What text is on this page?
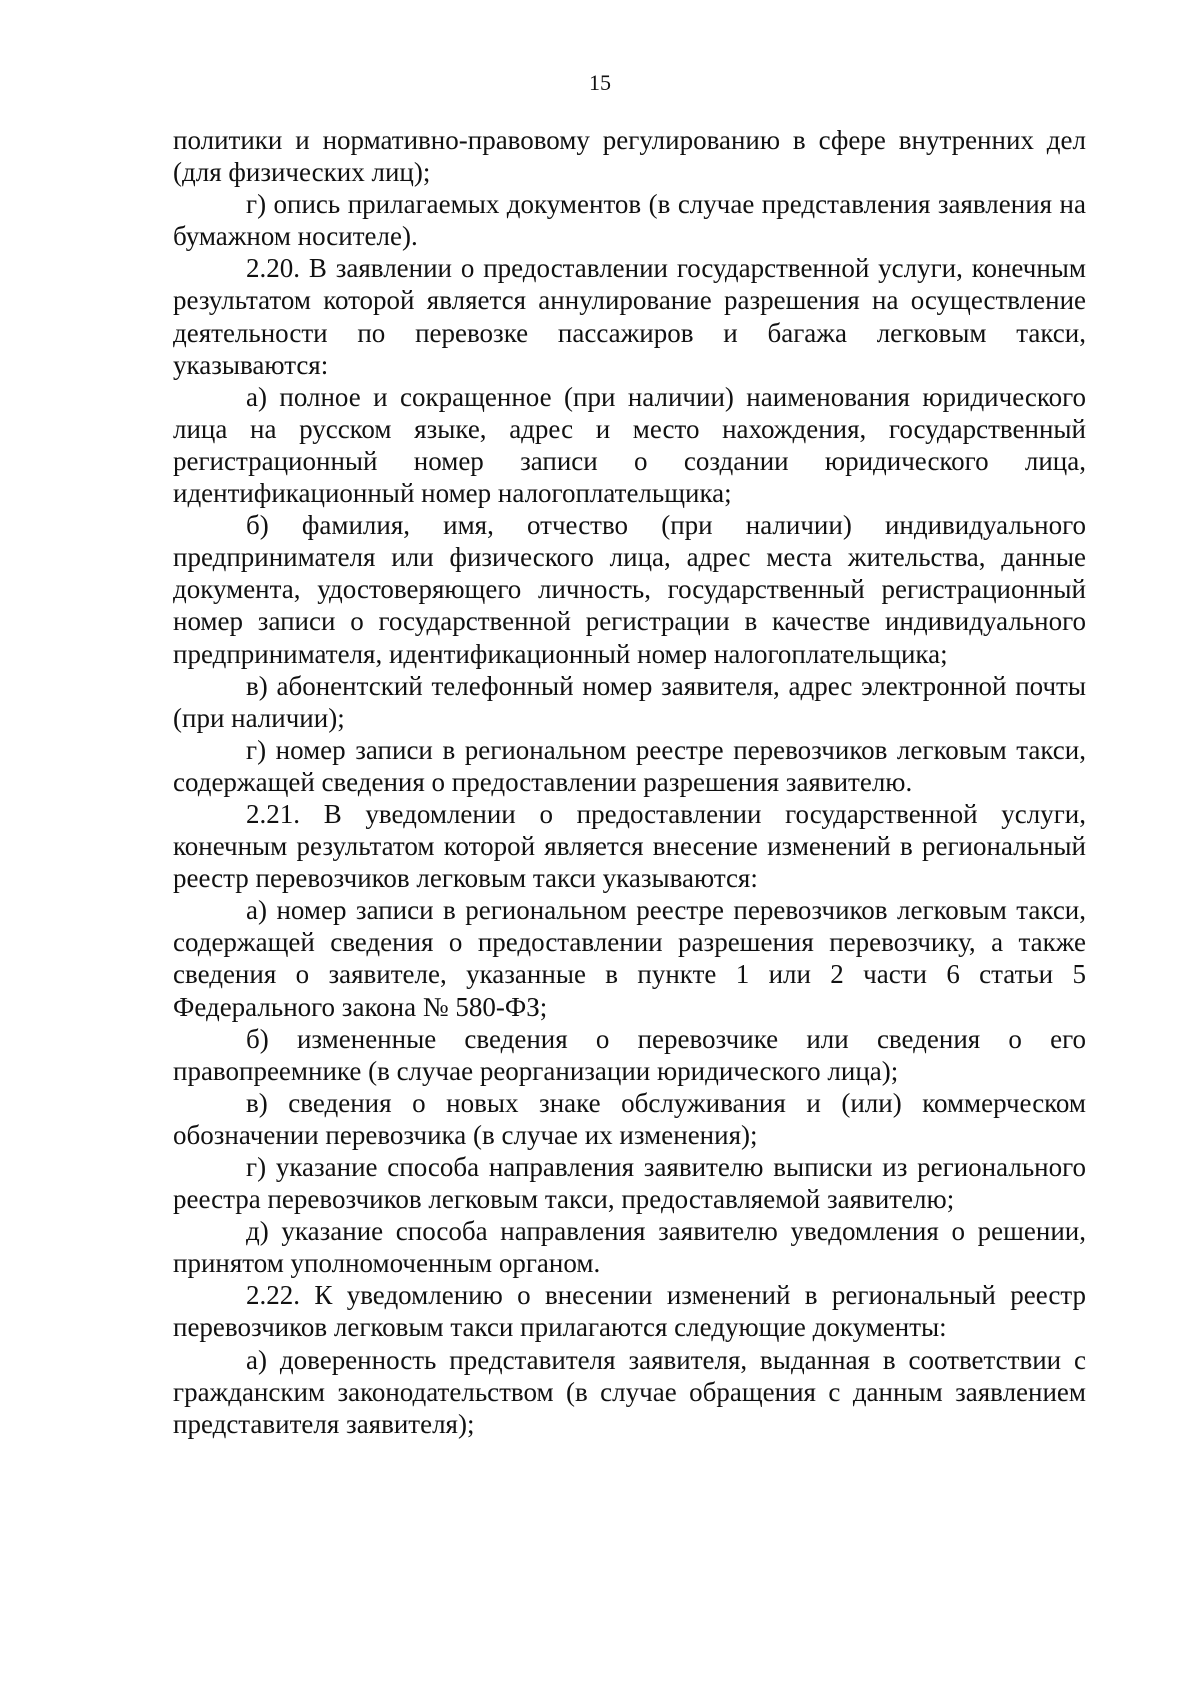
15

политики и нормативно-правовому регулированию в сфере внутренних дел (для физических лиц);

г) опись прилагаемых документов (в случае представления заявления на бумажном носителе).

2.20. В заявлении о предоставлении государственной услуги, конечным результатом которой является аннулирование разрешения на осуществление деятельности по перевозке пассажиров и багажа легковым такси, указываются:

а) полное и сокращенное (при наличии) наименования юридического лица на русском языке, адрес и место нахождения, государственный регистрационный номер записи о создании юридического лица, идентификационный номер налогоплательщика;

б) фамилия, имя, отчество (при наличии) индивидуального предпринимателя или физического лица, адрес места жительства, данные документа, удостоверяющего личность, государственный регистрационный номер записи о государственной регистрации в качестве индивидуального предпринимателя, идентификационный номер налогоплательщика;

в) абонентский телефонный номер заявителя, адрес электронной почты (при наличии);

г) номер записи в региональном реестре перевозчиков легковым такси, содержащей сведения о предоставлении разрешения заявителю.

2.21. В уведомлении о предоставлении государственной услуги, конечным результатом которой является внесение изменений в региональный реестр перевозчиков легковым такси указываются:

а) номер записи в региональном реестре перевозчиков легковым такси, содержащей сведения о предоставлении разрешения перевозчику, а также сведения о заявителе, указанные в пункте 1 или 2 части 6 статьи 5 Федерального закона № 580-ФЗ;

б) измененные сведения о перевозчике или сведения о его правопреемнике (в случае реорганизации юридического лица);

в) сведения о новых знаке обслуживания и (или) коммерческом обозначении перевозчика (в случае их изменения);

г) указание способа направления заявителю выписки из регионального реестра перевозчиков легковым такси, предоставляемой заявителю;

д) указание способа направления заявителю уведомления о решении, принятом уполномоченным органом.

2.22. К уведомлению о внесении изменений в региональный реестр перевозчиков легковым такси прилагаются следующие документы:

а) доверенность представителя заявителя, выданная в соответствии с гражданским законодательством (в случае обращения с данным заявлением представителя заявителя);
